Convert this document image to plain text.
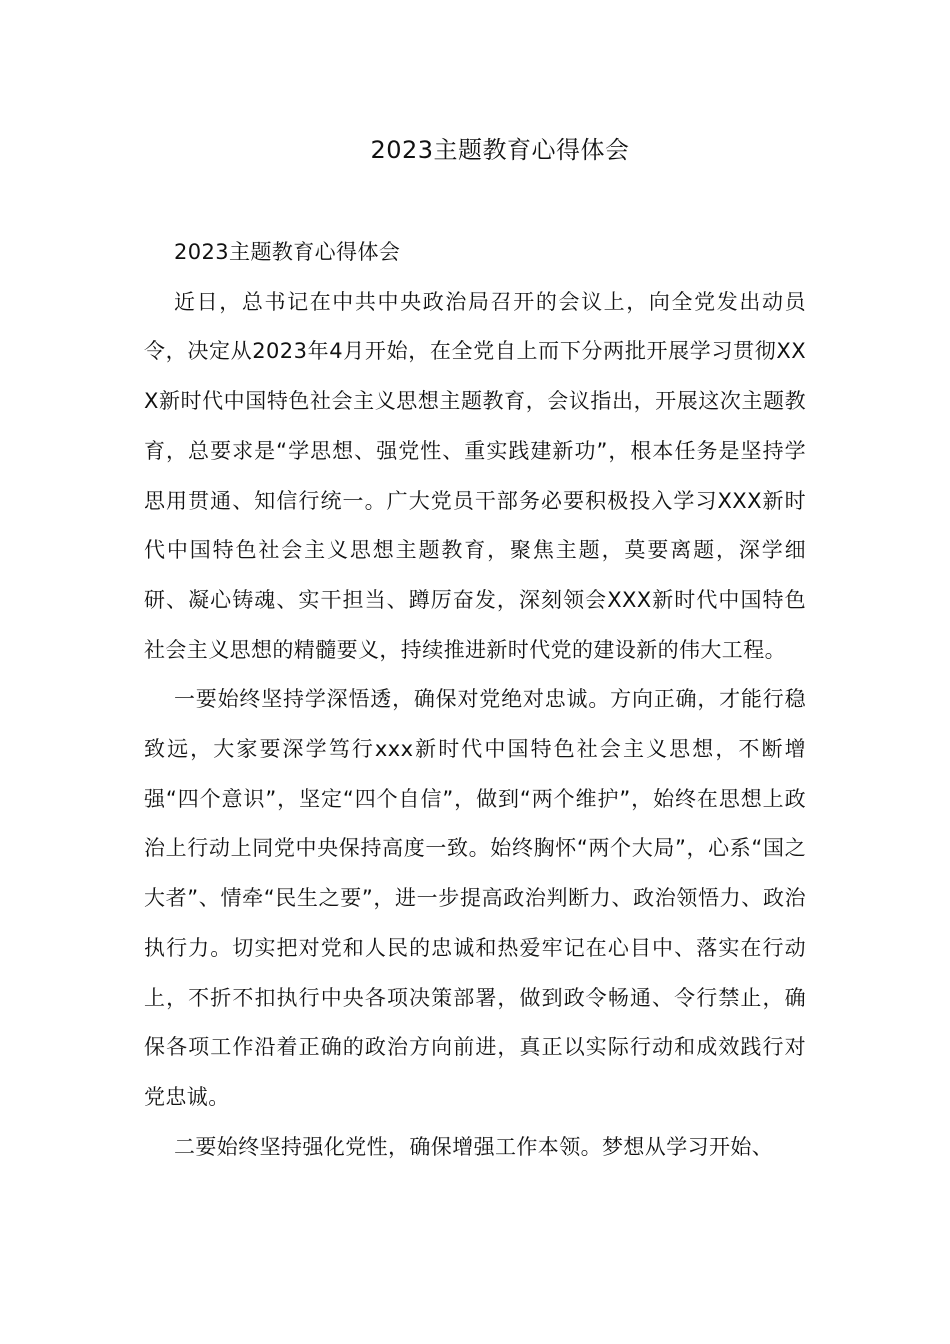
2023主题教育心得体会

2023主题教育心得体会

近日，总书记在中共中央政治局召开的会议上，向全党发出动员令，决定从2023年4月开始，在全党自上而下分两批开展学习贯彻XXX新时代中国特色社会主义思想主题教育，会议指出，开展这次主题教育，总要求是“学思想、强党性、重实践建新功”，根本任务是坚持学思用贯通、知信行统一。广大党员干部务必要积极投入学习XXX新时代中国特色社会主义思想主题教育，聚焦主题，莫要离题，深学细研、凝心铸魂、实干担当、蹲厉奋发，深刻领会XXX新时代中国特色社会主义思想的精髓要义，持续推进新时代党的建设新的伟大工程。

一要始终坚持学深悟透，确保对党绝对忠诚。方向正确，才能行稳致远，大家要深学笃行xxx新时代中国特色社会主义思想，不断增强“四个意识”，坚定“四个自信”，做到“两个维护”，始终在思想上政治上行动上同党中央保持高度一致。始终胸怀“两个大局”，心系“国之大者”、情牵“民生之要”，进一步提高政治判断力、政治领悟力、政治执行力。切实把对党和人民的忠诚和热爱牢记在心目中、落实在行动上，不折不扣执行中央各项决策部署，做到政令畅通、令行禁止，确保各项工作沿着正确的政治方向前进，真正以实际行动和成效践行对党忠诚。

二要始终坚持强化党性，确保增强工作本领。梦想从学习开始、
